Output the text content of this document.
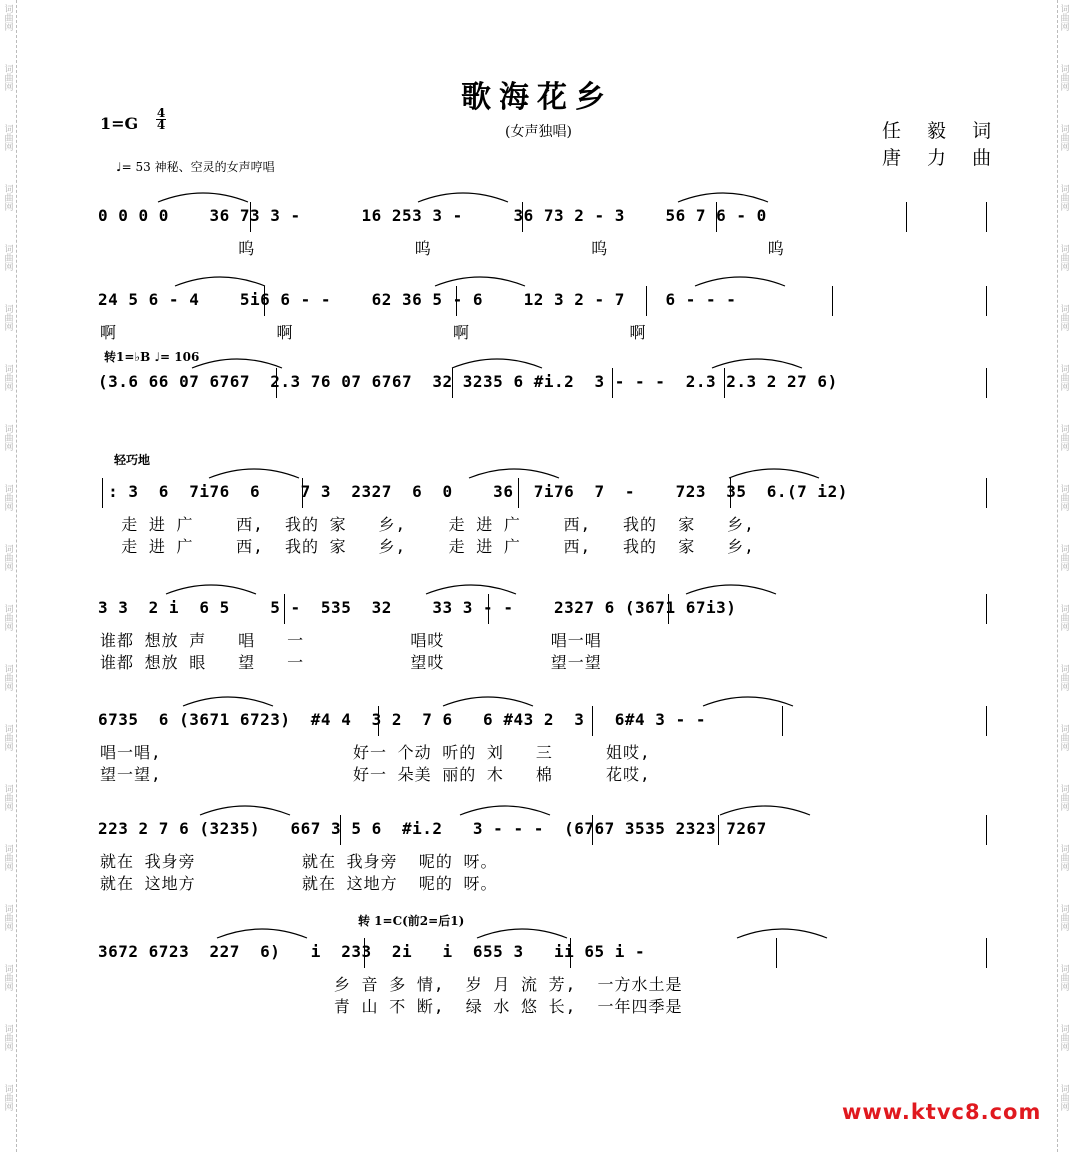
词
曲
网
词
曲
网
词
曲
网
词
曲
网
词
曲
网
词
曲
网
词
曲
网
词
曲
网
词
曲
网
词
曲
网
词
曲
网
词
曲
网
词
曲
网
词
曲
网
词
曲
网
词
曲
网
词
曲
网
词
曲
网
词
曲
网
词
曲
网
词
曲
网
词
曲
网
词
曲
网
词
曲
网
词
曲
网
词
曲
网
词
曲
网
词
曲
网
词
曲
网
词
曲
网
词
曲
网
词
曲
网
词
曲
网
词
曲
网
词
曲
网
词
曲
网
词
曲
网
词
曲
网
歌海花乡
1=G
4
4	(女声独唱)	任 毅 词
唐 力 曲
♩= 53 神秘、空灵的女声哼唱
转1=♭B ♩= 106
轻巧地
转 1=C(前2=后1)
0 0 0 0    36 73 3 -      16 253 3 -     36 73 2 - 3    56 7 6 - 0
呜               呜               呜               呜
24 5 6 - 4    5i6 6 - -    62 36 5 - 6    12 3 2 - 7    6 - - -
啊               啊               啊               啊
(3.6 66 07 6767  2.3 76 07 6767  32 3235 6 #i.2  3 - - -  2.3 2.3 2 27 6)
: 3  6  7i76  6    7 3  2327  6  0    36  7i76  7  -    723  35  6.(7 i2)
走 进 广    西,  我的 家   乡,    走 进 广    西,   我的  家   乡,
走 进 广    西,  我的 家   乡,    走 进 广    西,   我的  家   乡,
3 3  2 i  6 5    5 -  535  32    33 3 - -    2327 6 (3671 67i3)
谁都 想放 声   唱   一          唱哎          唱一唱
谁都 想放 眼   望   一          望哎          望一望
6735  6 (3671 6723)  #4 4  3 2  7 6   6 #43 2  3   6#4 3 - -
唱一唱,                  好一 个动 听的 刘   三     姐哎,
望一望,                  好一 朵美 丽的 木   棉     花哎,
223 2 7 6 (3235)   667 3 5 6  #i.2   3 - - -  (6767 3535 2323 7267
就在 我身旁          就在 我身旁  呢的 呀。
就在 这地方          就在 这地方  呢的 呀。
3672 6723  227  6)   i  233  2i   i  655 3   ii 65 i -
乡 音 多 情,  岁 月 流 芳,  一方水土是
青 山 不 断,  绿 水 悠 长,  一年四季是
www.ktvc8.com
